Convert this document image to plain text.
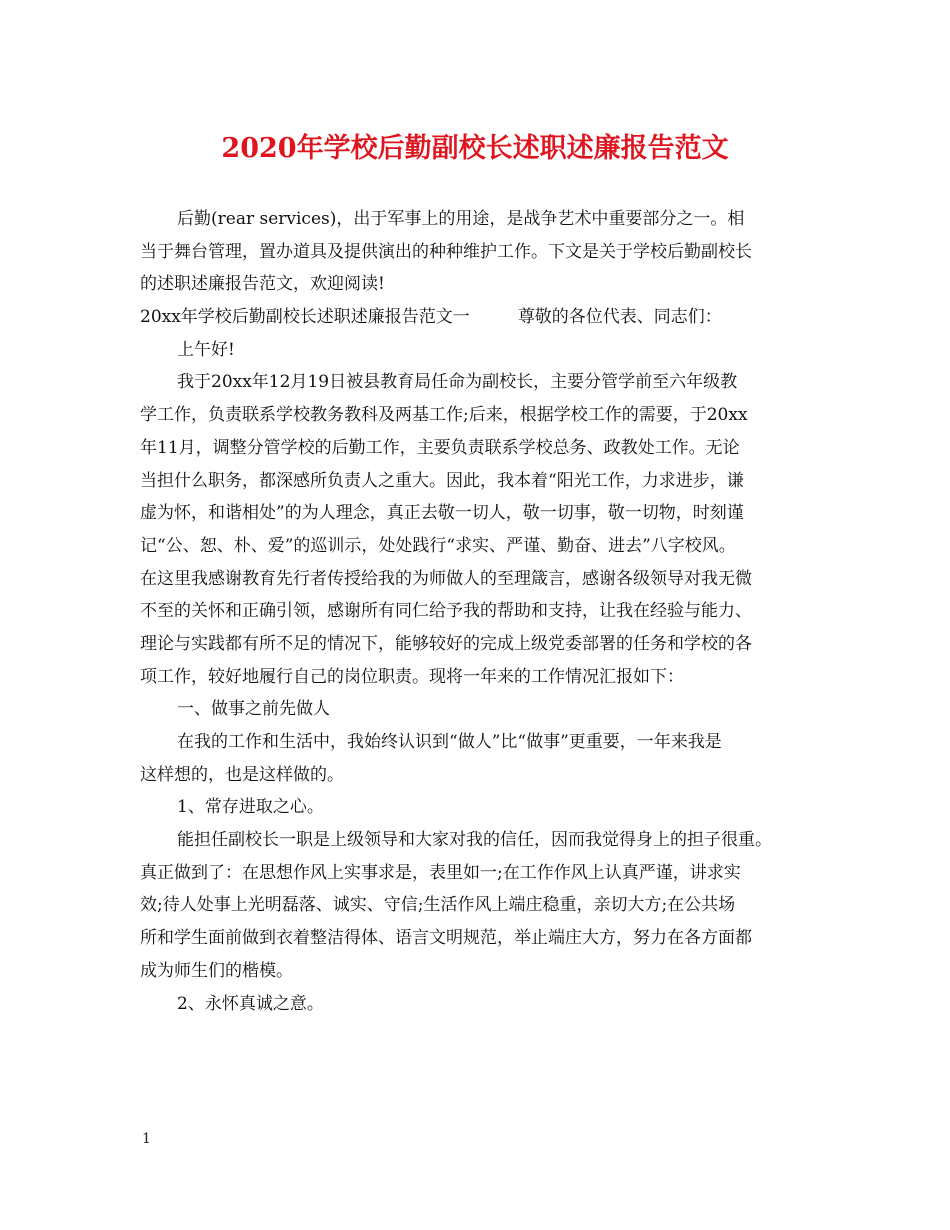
2020年学校后勤副校长述职述廉报告范文
后勤(rear services)，出于军事上的用途，是战争艺术中重要部分之一。相
当于舞台管理，置办道具及提供演出的种种维护工作。下文是关于学校后勤副校长
的述职述廉报告范文，欢迎阅读!
20xx年学校后勤副校长述职述廉报告范文一	尊敬的各位代表、同志们：
上午好!
我于20xx年12月19日被县教育局任命为副校长，主要分管学前至六年级教
学工作，负责联系学校教务教科及两基工作;后来，根据学校工作的需要，于20xx
年11月，调整分管学校的后勤工作，主要负责联系学校总务、政教处工作。无论
当担什么职务，都深感所负责人之重大。因此，我本着“阳光工作，力求进步，谦
虚为怀，和谐相处”的为人理念，真正去敬一切人，敬一切事，敬一切物，时刻谨
记“公、恕、朴、爱”的巡训示，处处践行“求实、严谨、勤奋、进去”八字校风。
在这里我感谢教育先行者传授给我的为师做人的至理箴言，感谢各级领导对我无微
不至的关怀和正确引领，感谢所有同仁给予我的帮助和支持，让我在经验与能力、
理论与实践都有所不足的情况下，能够较好的完成上级党委部署的任务和学校的各
项工作，较好地履行自己的岗位职责。现将一年来的工作情况汇报如下：
一、做事之前先做人
在我的工作和生活中，我始终认识到“做人”比“做事”更重要，一年来我是
这样想的，也是这样做的。
1、常存进取之心。
能担任副校长一职是上级领导和大家对我的信任，因而我觉得身上的担子很重。
真正做到了：在思想作风上实事求是，表里如一;在工作作风上认真严谨，讲求实
效;待人处事上光明磊落、诚实、守信;生活作风上端庄稳重，亲切大方;在公共场
所和学生面前做到衣着整洁得体、语言文明规范，举止端庄大方，努力在各方面都
成为师生们的楷模。
2、永怀真诚之意。
1
